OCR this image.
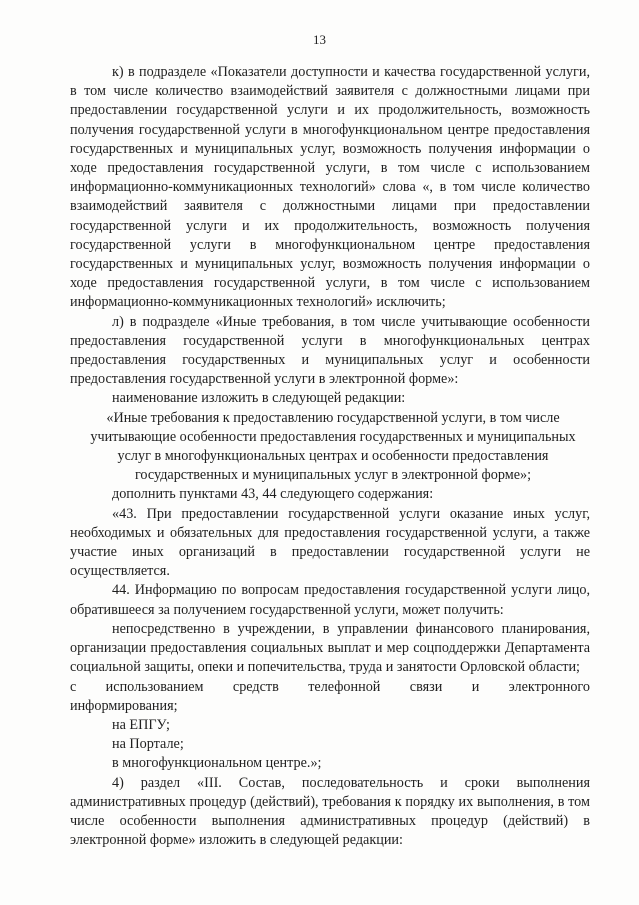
13

к) в подразделе «Показатели доступности и качества государственной услуги, в том числе количество взаимодействий заявителя с должностными лицами при предоставлении государственной услуги и их продолжительность, возможность получения государственной услуги в многофункциональном центре предоставления государственных и муниципальных услуг, возможность получения информации о ходе предоставления государственной услуги, в том числе с использованием информационно-коммуникационных технологий» слова «, в том числе количество взаимодействий заявителя с должностными лицами при предоставлении государственной услуги и их продолжительность, возможность получения государственной услуги в многофункциональном центре предоставления государственных и муниципальных услуг, возможность получения информации о ходе предоставления государственной услуги, в том числе с использованием информационно-коммуникационных технологий» исключить;

л) в подразделе «Иные требования, в том числе учитывающие особенности предоставления государственной услуги в многофункциональных центрах предоставления государственных и муниципальных услуг и особенности предоставления государственной услуги в электронной форме»:

наименование изложить в следующей редакции:

«Иные требования к предоставлению государственной услуги, в том числе учитывающие особенности предоставления государственных и муниципальных услуг в многофункциональных центрах и особенности предоставления государственных и муниципальных услуг в электронной форме»;

дополнить пунктами 43, 44 следующего содержания:

«43. При предоставлении государственной услуги оказание иных услуг, необходимых и обязательных для предоставления государственной услуги, а также участие иных организаций в предоставлении государственной услуги не осуществляется.

44. Информацию по вопросам предоставления государственной услуги лицо, обратившееся за получением государственной услуги, может получить:

непосредственно в учреждении, в управлении финансового планирования, организации предоставления социальных выплат и мер соцподдержки Департамента социальной защиты, опеки и попечительства, труда и занятости Орловской области;

с использованием средств телефонной связи и электронного

информирования;

на ЕПГУ;

на Портале;

в многофункциональном центре.»;

4) раздел «III. Состав, последовательность и сроки выполнения административных процедур (действий), требования к порядку их выполнения, в том числе особенности выполнения административных процедур (действий) в электронной форме» изложить в следующей редакции:
